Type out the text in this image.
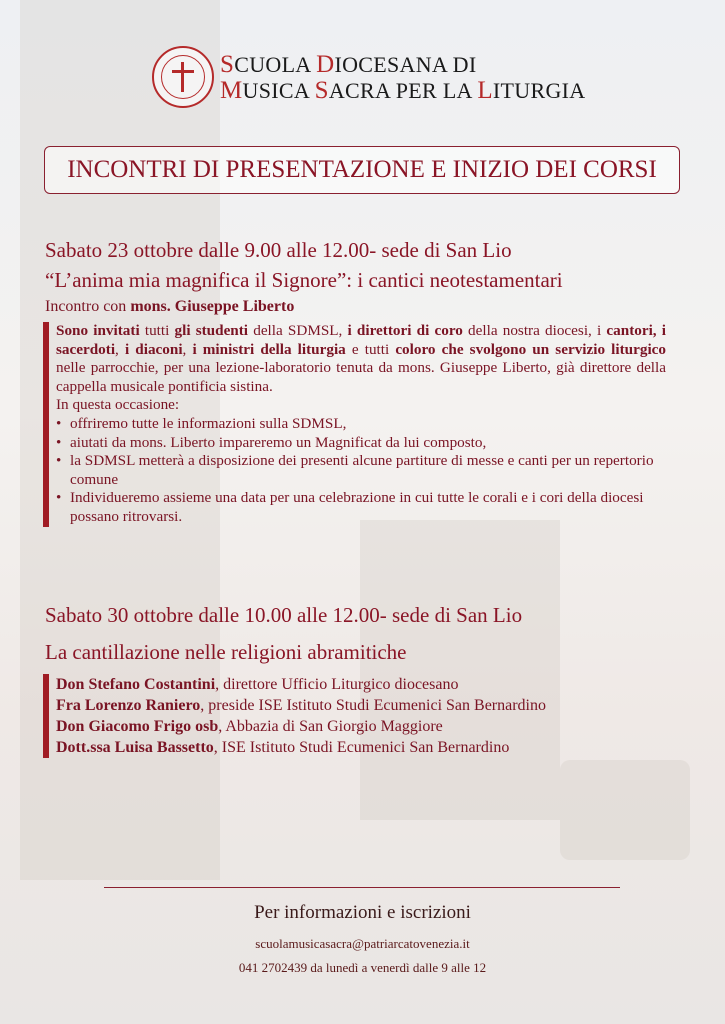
SCUOLA DIOCESANA DI
MUSICA SACRA PER LA LITURGIA
INCONTRI DI PRESENTAZIONE E INIZIO DEI CORSI
Sabato 23 ottobre dalle 9.00 alle 12.00- sede di San Lio
“L’anima mia magnifica il Signore”: i cantici neotestamentari
Incontro con mons. Giuseppe Liberto

Sono invitati tutti gli studenti della SDMSL, i direttori di coro della nostra diocesi, i cantori, i sacerdoti, i diaconi, i ministri della liturgia e tutti coloro che svolgono un servizio liturgico nelle parrocchie, per una lezione-laboratorio tenuta da mons. Giuseppe Liberto, già direttore della cappella musicale pontificia sistina.

In questa occasione:
• offriremo tutte le informazioni sulla SDMSL,
• aiutati da mons. Liberto impareremo un Magnificat da lui composto,
• la SDMSL metterà a disposizione dei presenti alcune partiture di messe e canti per un repertorio comune
• Individueremo assieme una data per una celebrazione in cui tutte le corali e i cori della diocesi possano ritrovarsi.
Sabato 30 ottobre dalle 10.00 alle 12.00- sede di San Lio
La cantillazione nelle religioni abramitiche
Don Stefano Costantini, direttore Ufficio Liturgico diocesano
Fra Lorenzo Raniero, preside ISE Istituto Studi Ecumenici San Bernardino
Don Giacomo Frigo osb, Abbazia di San Giorgio Maggiore
Dott.ssa Luisa Bassetto, ISE Istituto Studi Ecumenici San Bernardino
Per informazioni e iscrizioni
scuolamusicasacra@patriarcatovenezia.it
041 2702439 da lunedì a venerdì dalle 9 alle 12
